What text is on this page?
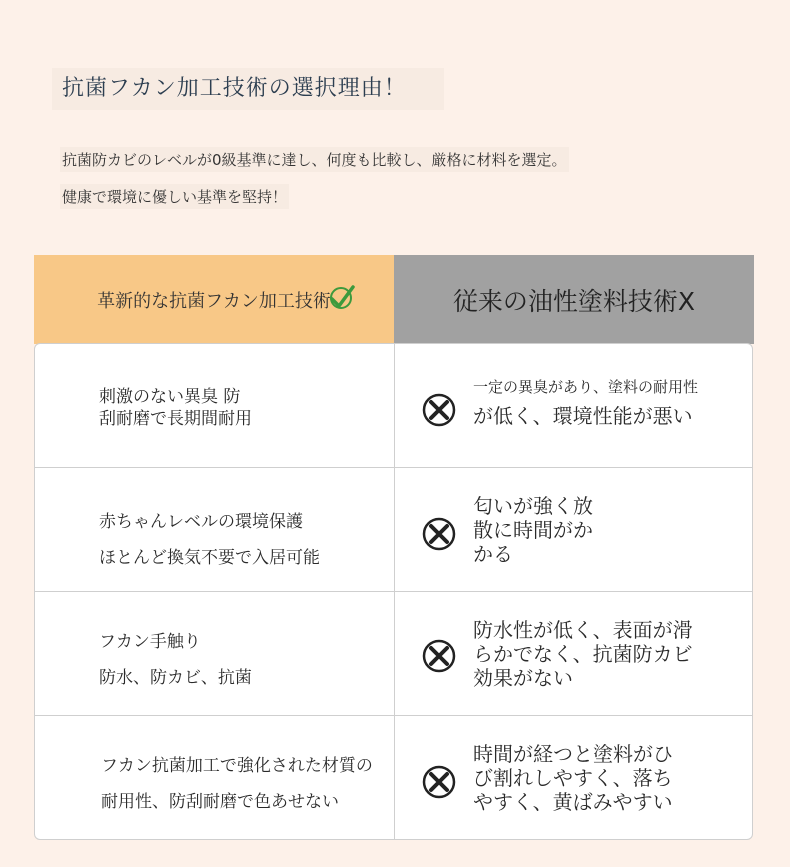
抗菌フカン加工技術の選択理由！
抗菌防カビのレベルが0級基準に達し、何度も比較し、厳格に材料を選定。
健康で環境に優しい基準を堅持！
革新的な抗菌フカン加工技術	従来の油性塗料技術X
刺激のない異臭 防
刮耐磨で長期間耐用
一定の異臭があり、塗料の耐用性
が低く、環境性能が悪い
赤ちゃんレベルの環境保護
ほとんど換気不要で入居可能
匂いが強く放
散に時間がか
かる
フカン手触り
防水、防カビ、抗菌
防水性が低く、表面が滑
らかでなく、抗菌防カビ
効果がない
フカン抗菌加工で強化された材質の
耐用性、防刮耐磨で色あせない
時間が経つと塗料がひ
び割れしやすく、落ち
やすく、黄ばみやすい
